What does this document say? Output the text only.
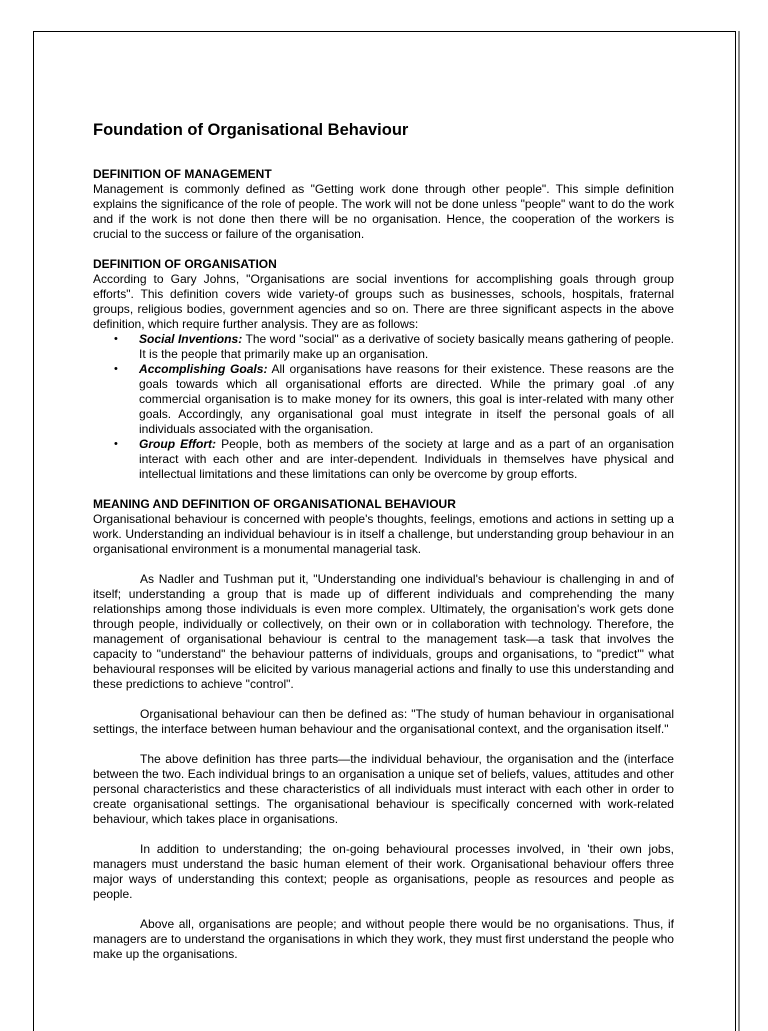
Foundation of Organisational Behaviour
DEFINITION OF MANAGEMENT

Management is commonly defined as "Getting work done through other people". This simple definition explains the significance of the role of people. The work will not be done unless "people" want to do the work and if the work is not done then there will be no organisation. Hence, the cooperation of the workers is crucial to the success or failure of the organisation.

DEFINITION OF ORGANISATION

According to Gary Johns, "Organisations are social inventions for accomplishing goals through group efforts". This definition covers wide variety-of groups such as businesses, schools, hospitals, fraternal groups, religious bodies, government agencies and so on. There are three significant aspects in the above definition, which require further analysis. They are as follows:

• Social Inventions: The word "social" as a derivative of society basically means gathering of people. It is the people that primarily make up an organisation.
• Accomplishing Goals: All organisations have reasons for their existence. These reasons are the goals towards which all organisational efforts are directed. While the primary goal .of any commercial organisation is to make money for its owners, this goal is inter-related with many other goals. Accordingly, any organisational goal must integrate in itself the personal goals of all individuals associated with the organisation.
• Group Effort: People, both as members of the society at large and as a part of an organisation interact with each other and are inter-dependent. Individuals in themselves have physical and intellectual limitations and these limitations can only be overcome by group efforts.
MEANING AND DEFINITION OF ORGANISATIONAL BEHAVIOUR

Organisational behaviour is concerned with people's thoughts, feelings, emotions and actions in setting up a work. Understanding an individual behaviour is in itself a challenge, but understanding group behaviour in an organisational environment is a monumental managerial task.

As Nadler and Tushman put it, "Understanding one individual's behaviour is challenging in and of itself; understanding a group that is made up of different individuals and comprehending the many relationships among those individuals is even more complex. Ultimately, the organisation's work gets done through people, individually or collectively, on their own or in collaboration with technology. Therefore, the management of organisational behaviour is central to the management task—a task that involves the capacity to "understand" the behaviour patterns of individuals, groups and organisations, to "predict'" what behavioural responses will be elicited by various managerial actions and finally to use this understanding and these predictions to achieve "control".

Organisational behaviour can then be defined as: "The study of human behaviour in organisational settings, the interface between human behaviour and the organisational context, and the organisation itself."

The above definition has three parts—the individual behaviour, the organisation and the (interface between the two. Each individual brings to an organisation a unique set of beliefs, values, attitudes and other personal characteristics and these characteristics of all individuals must interact with each other in order to create organisational settings. The organisational behaviour is specifically concerned with work-related behaviour, which takes place in organisations.

In addition to understanding; the on-going behavioural processes involved, in 'their own jobs, managers must understand the basic human element of their work. Organisational behaviour offers three major ways of understanding this context; people as organisations, people as resources and people as people.

Above all, organisations are people; and without people there would be no organisations. Thus, if managers are to understand the organisations in which they work, they must first understand the people who make up the organisations.
